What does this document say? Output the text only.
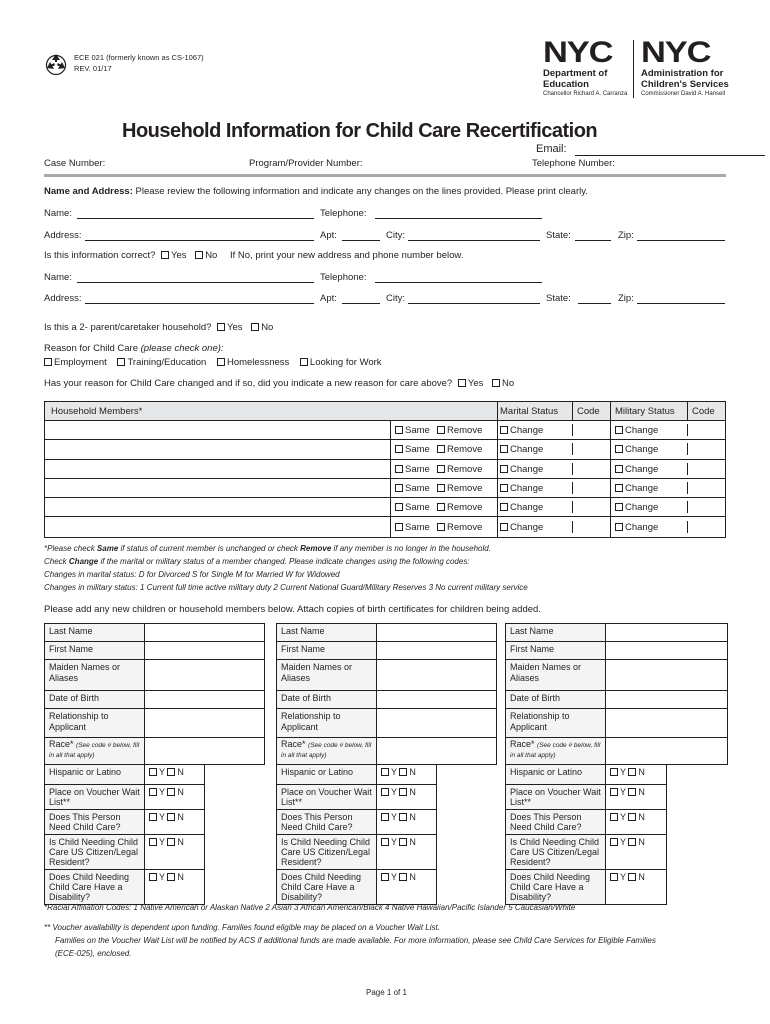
ECE 021 (formerly known as CS-1067)
REV. 01/17	NYC
Department of
Education
Chancellor Richard A. Carranza
NYC
Administration for
Children's Services
Commissioner David A. Hansell
Household Information for Child Care Recertification
Email:
Case Number:	Program/Provider Number:	Telephone Number:
Name and Address: Please review the following information and indicate any changes on the lines provided. Please print clearly.
Name:	Telephone:
Address:	Apt:	City:	State:	Zip:
Is this information correct? Yes No If No, print your new address and phone number below.
Name:	Telephone:
Address:	Apt:	City:	State:	Zip:
Is this a 2- parent/caretaker household? Yes No
Reason for Child Care (please check one):
Employment Training/Education Homelessness Looking for Work
Has your reason for Child Care changed and if so, did you indicate a new reason for care above? Yes No
Household Members*	Marital Status Code Military Status Code
Same	Remove	Change	Change
Same	Remove	Change	Change
Same	Remove	Change	Change
Same	Remove	Change	Change
Same	Remove	Change	Change
Same	Remove	Change	Change
*Please check Same if status of current member is unchanged or check Remove if any member is no longer in the household.
Check Change if the marital or military status of a member changed. Please indicate changes using the following codes:
Changes in marital status: D for Divorced S for Single M for Married W for Widowed
Changes in military status: 1 Current full time active military duty 2 Current National Guard/Military Reserves 3 No current military service
Please add any new children or household members below. Attach copies of birth certificates for children being added.
Last Name	
First Name	
Maiden Names or Aliases	
Date of Birth	
Relationship to Applicant	
Race* (See code # below, fill in all that apply)	
Hispanic or Latino	Y N
Place on Voucher Wait List**	Y N
Does This Person Need Child Care?	Y N
Is Child Needing Child Care US Citizen/Legal Resident?	Y N
Does Child Needing Child Care Have a Disability?	Y N
Last Name	
First Name	
Maiden Names or Aliases	
Date of Birth	
Relationship to Applicant	
Race* (See code # below, fill in all that apply)	
Hispanic or Latino	Y N
Place on Voucher Wait List**	Y N
Does This Person Need Child Care?	Y N
Is Child Needing Child Care US Citizen/Legal Resident?	Y N
Does Child Needing Child Care Have a Disability?	Y N
Last Name	
First Name	
Maiden Names or Aliases	
Date of Birth	
Relationship to Applicant	
Race* (See code # below, fill in all that apply)	
Hispanic or Latino	Y N
Place on Voucher Wait List**	Y N
Does This Person Need Child Care?	Y N
Is Child Needing Child Care US Citizen/Legal Resident?	Y N
Does Child Needing Child Care Have a Disability?	Y N
*Racial Affiliation Codes: 1 Native American or Alaskan Native 2 Asian 3 African American/Black 4 Native Hawaiian/Pacific Islander 5 Caucasian/White
** Voucher availability is dependent upon funding. Families found eligible may be placed on a Voucher Wait List.
Families on the Voucher Wait List will be notified by ACS if additional funds are made available. For more information, please see Child Care Services for Eligible Families
(ECE-025), enclosed.
Page 1 of 1
